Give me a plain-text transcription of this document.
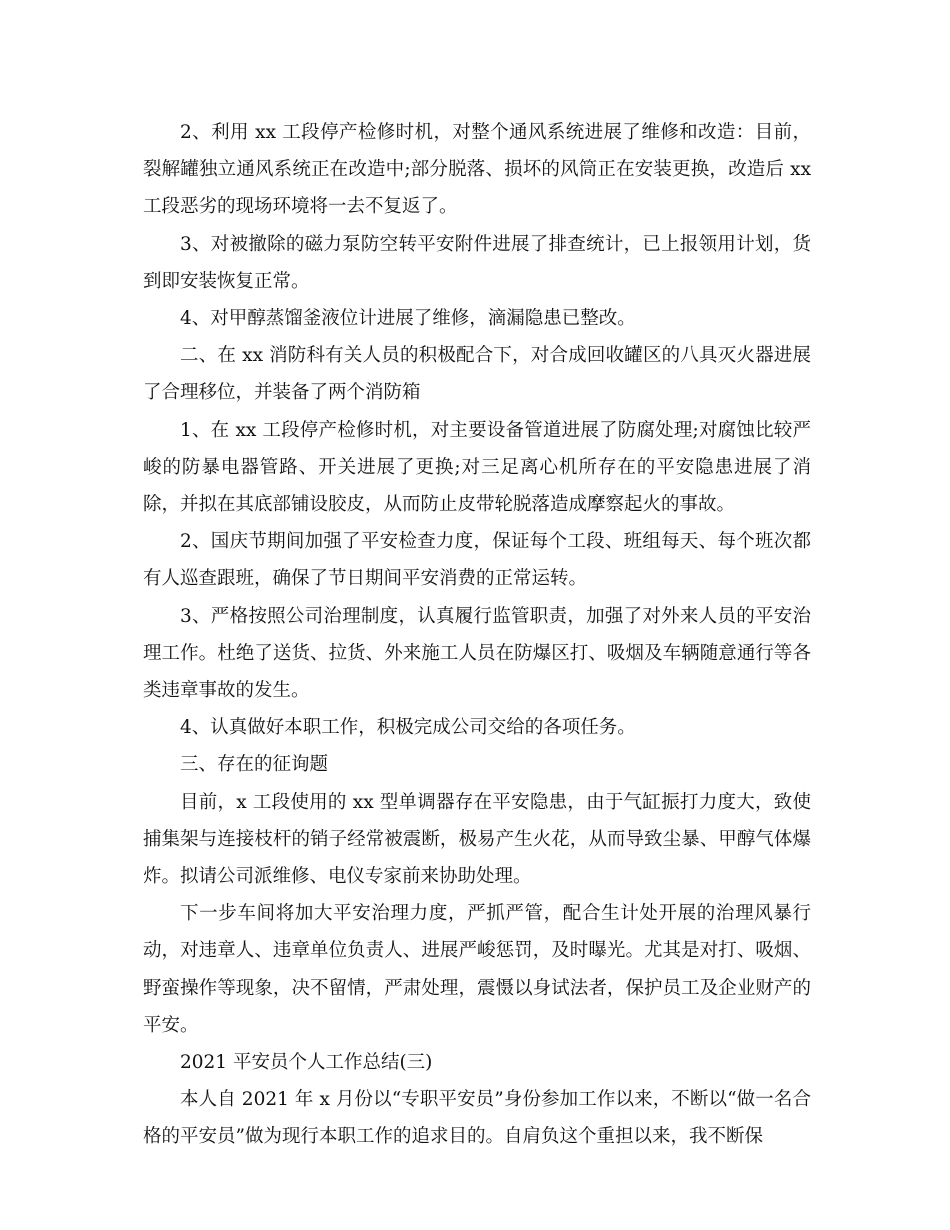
2、利用 xx 工段停产检修时机，对整个通风系统进展了维修和改造：目前，裂解罐独立通风系统正在改造中;部分脱落、损坏的风筒正在安装更换，改造后 xx 工段恶劣的现场环境将一去不复返了。

3、对被撤除的磁力泵防空转平安附件进展了排查统计，已上报领用计划，货到即安装恢复正常。

4、对甲醇蒸馏釜液位计进展了维修，滴漏隐患已整改。

二、在 xx 消防科有关人员的积极配合下，对合成回收罐区的八具灭火器进展了合理移位，并装备了两个消防箱

1、在 xx 工段停产检修时机，对主要设备管道进展了防腐处理;对腐蚀比较严峻的防暴电器管路、开关进展了更换;对三足离心机所存在的平安隐患进展了消除，并拟在其底部铺设胶皮，从而防止皮带轮脱落造成摩察起火的事故。

2、国庆节期间加强了平安检查力度，保证每个工段、班组每天、每个班次都有人巡查跟班，确保了节日期间平安消费的正常运转。

3、严格按照公司治理制度，认真履行监管职责，加强了对外来人员的平安治理工作。杜绝了送货、拉货、外来施工人员在防爆区打、吸烟及车辆随意通行等各类违章事故的发生。

4、认真做好本职工作，积极完成公司交给的各项任务。

三、存在的征询题

目前，x 工段使用的 xx 型单调器存在平安隐患，由于气缸振打力度大，致使捕集架与连接枝杆的销子经常被震断，极易产生火花，从而导致尘暴、甲醇气体爆炸。拟请公司派维修、电仪专家前来协助处理。

下一步车间将加大平安治理力度，严抓严管，配合生计处开展的治理风暴行动，对违章人、违章单位负责人、进展严峻惩罚，及时曝光。尤其是对打、吸烟、野蛮操作等现象，决不留情，严肃处理，震慑以身试法者，保护员工及企业财产的平安。

2021 平安员个人工作总结(三)

本人自 2021 年 x 月份以“专职平安员”身份参加工作以来，不断以“做一名合格的平安员”做为现行本职工作的追求目的。自肩负这个重担以来，我不断保
